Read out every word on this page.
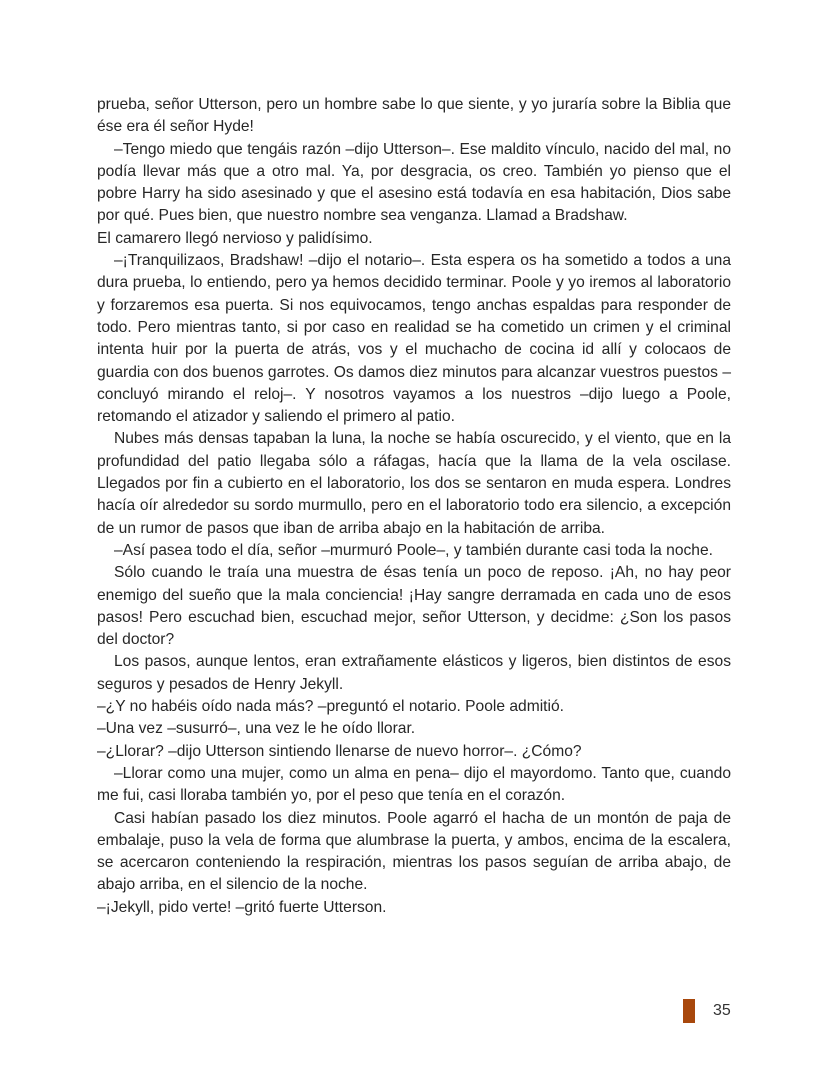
prueba, señor Utterson, pero un hombre sabe lo que siente, y yo juraría sobre la Biblia que ése era él señor Hyde!

–Tengo miedo que tengáis razón –dijo Utterson–. Ese maldito vínculo, nacido del mal, no podía llevar más que a otro mal. Ya, por desgracia, os creo. También yo pienso que el pobre Harry ha sido asesinado y que el asesino está todavía en esa habitación, Dios sabe por qué. Pues bien, que nuestro nombre sea venganza. Llamad a Bradshaw.

El camarero llegó nervioso y palidísimo.

–¡Tranquilizaos, Bradshaw! –dijo el notario–. Esta espera os ha sometido a todos a una dura prueba, lo entiendo, pero ya hemos decidido terminar. Poole y yo iremos al laboratorio y forzaremos esa puerta. Si nos equivocamos, tengo anchas espaldas para responder de todo. Pero mientras tanto, si por caso en realidad se ha cometido un crimen y el criminal intenta huir por la puerta de atrás, vos y el muchacho de cocina id allí y colocaos de guardia con dos buenos garrotes. Os damos diez minutos para alcanzar vuestros puestos –concluyó mirando el reloj–. Y nosotros vayamos a los nuestros –dijo luego a Poole, retomando el atizador y saliendo el primero al patio.

Nubes más densas tapaban la luna, la noche se había oscurecido, y el viento, que en la profundidad del patio llegaba sólo a ráfagas, hacía que la llama de la vela oscilase. Llegados por fin a cubierto en el laboratorio, los dos se sentaron en muda espera. Londres hacía oír alrededor su sordo murmullo, pero en el laboratorio todo era silencio, a excepción de un rumor de pasos que iban de arriba abajo en la habitación de arriba.

–Así pasea todo el día, señor –murmuró Poole–, y también durante casi toda la noche.

Sólo cuando le traía una muestra de ésas tenía un poco de reposo. ¡Ah, no hay peor enemigo del sueño que la mala conciencia! ¡Hay sangre derramada en cada uno de esos pasos! Pero escuchad bien, escuchad mejor, señor Utterson, y decidme: ¿Son los pasos del doctor?

Los pasos, aunque lentos, eran extrañamente elásticos y ligeros, bien distintos de esos seguros y pesados de Henry Jekyll.

–¿Y no habéis oído nada más? –preguntó el notario. Poole admitió.

–Una vez –susurró–, una vez le he oído llorar.

–¿Llorar? –dijo Utterson sintiendo llenarse de nuevo horror–. ¿Cómo?

–Llorar como una mujer, como un alma en pena– dijo el mayordomo. Tanto que, cuando me fui, casi lloraba también yo, por el peso que tenía en el corazón.

Casi habían pasado los diez minutos. Poole agarró el hacha de un montón de paja de embalaje, puso la vela de forma que alumbrase la puerta, y ambos, encima de la escalera, se acercaron conteniendo la respiración, mientras los pasos seguían de arriba abajo, de abajo arriba, en el silencio de la noche.

–¡Jekyll, pido verte! –gritó fuerte Utterson.

35
